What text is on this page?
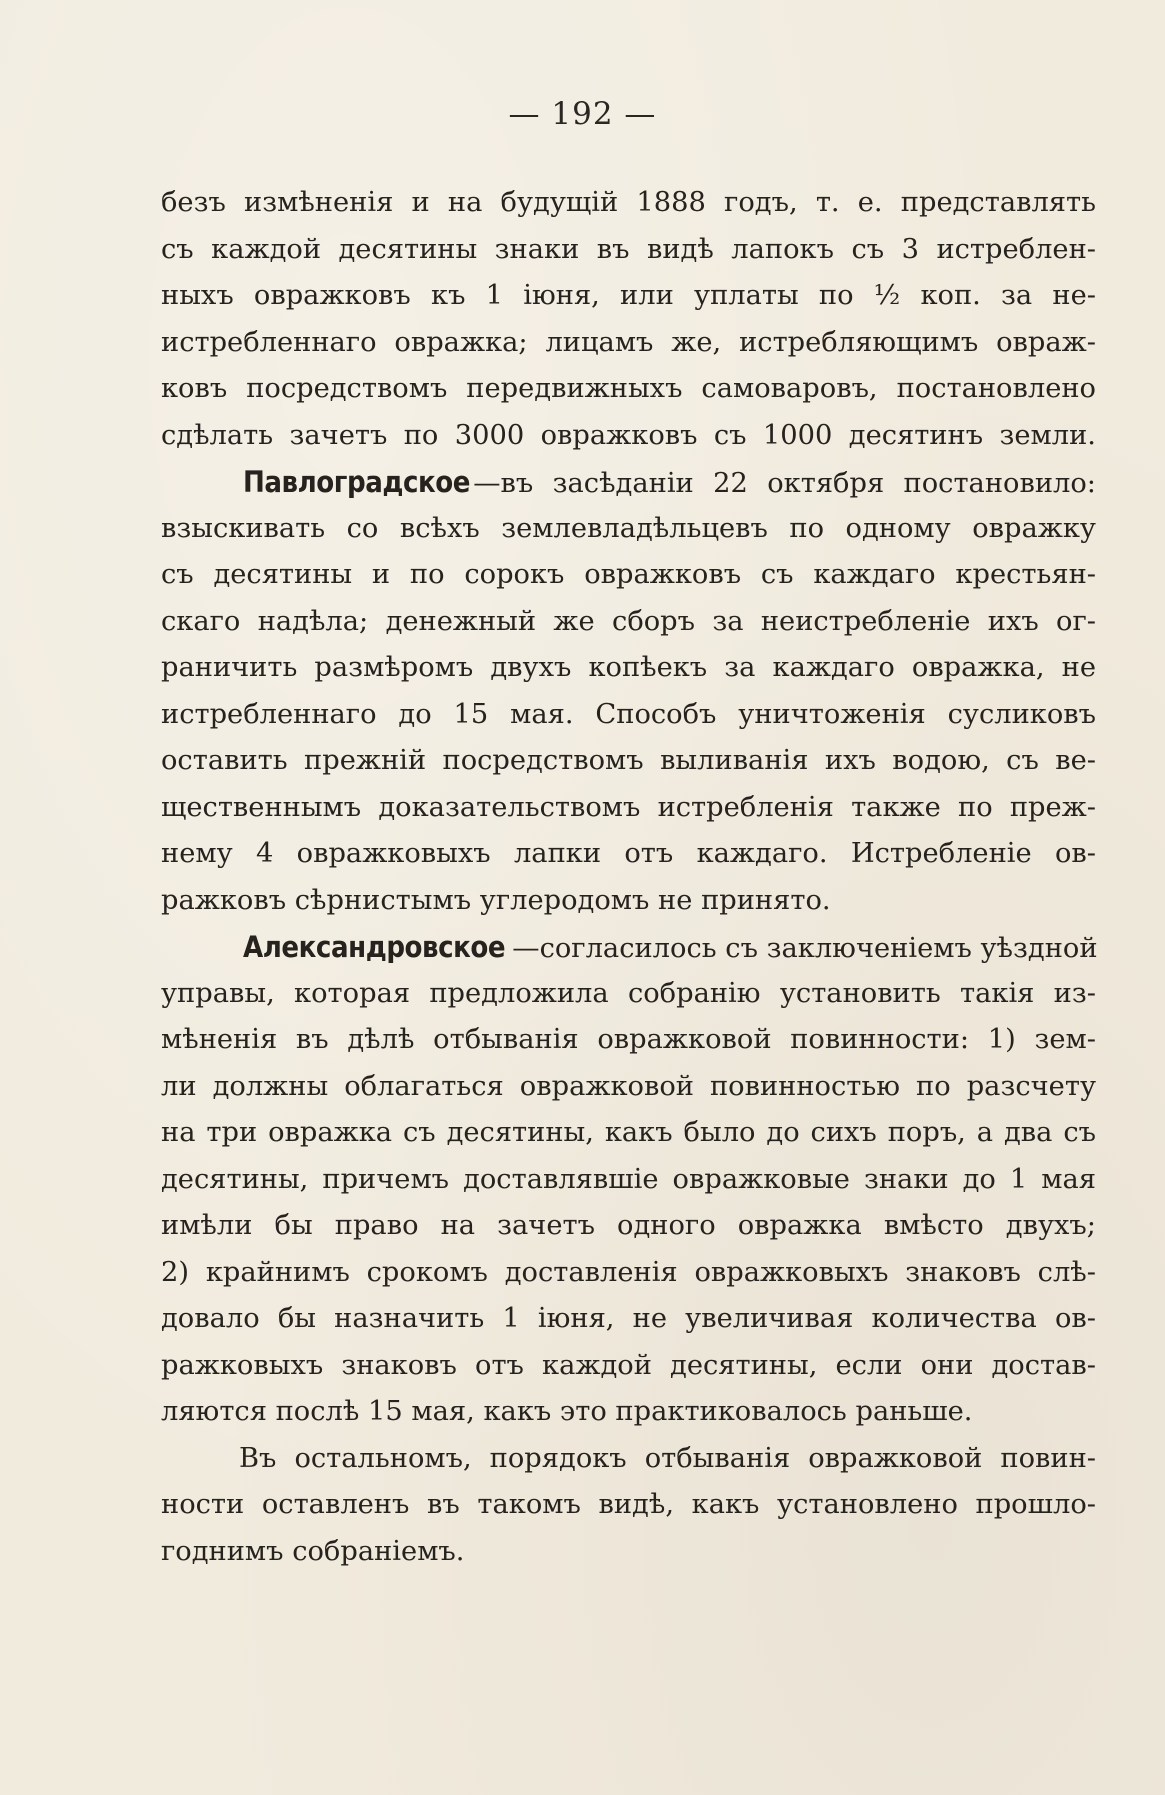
— 192 —
безъ измѣненія и на будущій 1888 годъ, т. е. представлять
съ каждой десятины знаки въ видѣ лапокъ съ 3 истреблен-
ныхъ овражковъ къ 1 іюня, или уплаты по ½ коп. за не-
истребленнаго овражка; лицамъ же, истребляющимъ овраж-
ковъ посредствомъ передвижныхъ самоваровъ, постановлено
сдѣлать зачетъ по 3000 овражковъ съ 1000 десятинъ земли.
Павлоградское —въ засѣданіи 22 октября постановило:
взыскивать со всѣхъ землевладѣльцевъ по одному овражку
съ десятины и по сорокъ овражковъ съ каждаго крестьян-
скаго надѣла; денежный же сборъ за неистребленіе ихъ ог-
раничить размѣромъ двухъ копѣекъ за каждаго овражка, не
истребленнаго до 15 мая. Способъ уничтоженія сусликовъ
оставить прежній посредствомъ выливанія ихъ водою, съ ве-
щественнымъ доказательствомъ истребленія также по преж-
нему 4 овражковыхъ лапки отъ каждаго. Истребленіе ов-
ражковъ сѣрнистымъ углеродомъ не принято.
Александровское —согласилось съ заключеніемъ уѣздной
управы, которая предложила собранію установить такія из-
мѣненія въ дѣлѣ отбыванія овражковой повинности: 1) зем-
ли должны облагаться овражковой повинностью по разсчету
на три овражка съ десятины, какъ было до сихъ поръ, а два съ
десятины, причемъ доставлявшіе овражковые знаки до 1 мая
имѣли бы право на зачетъ одного овражка вмѣсто двухъ;
2) крайнимъ срокомъ доставленія овражковыхъ знаковъ слѣ-
довало бы назначить 1 іюня, не увеличивая количества ов-
ражковыхъ знаковъ отъ каждой десятины, если они достав-
ляются послѣ 15 мая, какъ это практиковалось раньше.
Въ остальномъ, порядокъ отбыванія овражковой повин-
ности оставленъ въ такомъ видѣ, какъ установлено прошло-
годнимъ собраніемъ.
